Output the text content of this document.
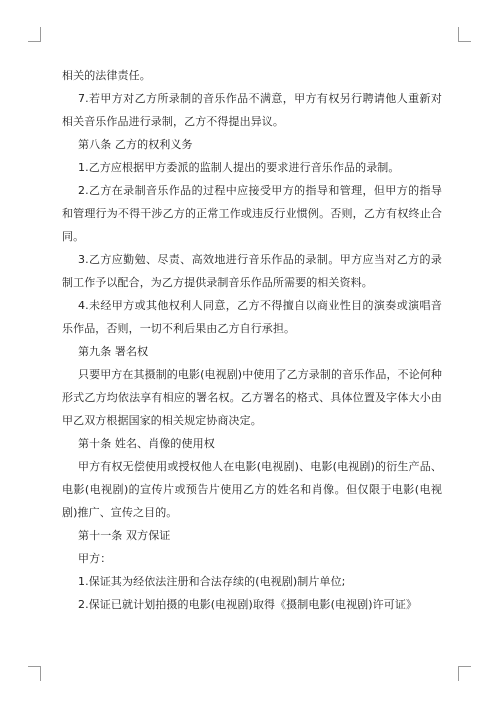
相关的法律责任。

7.若甲方对乙方所录制的音乐作品不满意，甲方有权另行聘请他人重新对相关音乐作品进行录制，乙方不得提出异议。

第八条 乙方的权利义务

1.乙方应根据甲方委派的监制人提出的要求进行音乐作品的录制。

2.乙方在录制音乐作品的过程中应接受甲方的指导和管理，但甲方的指导和管理行为不得干涉乙方的正常工作或违反行业惯例。否则，乙方有权终止合同。

3.乙方应勤勉、尽责、高效地进行音乐作品的录制。甲方应当对乙方的录制工作予以配合，为乙方提供录制音乐作品所需要的相关资料。

4.未经甲方或其他权利人同意，乙方不得擅自以商业性目的演奏或演唱音乐作品，否则，一切不利后果由乙方自行承担。

第九条 署名权

只要甲方在其摄制的电影(电视剧)中使用了乙方录制的音乐作品，不论何种形式乙方均依法享有相应的署名权。乙方署名的格式、具体位置及字体大小由甲乙双方根据国家的相关规定协商决定。

第十条 姓名、肖像的使用权

甲方有权无偿使用或授权他人在电影(电视剧)、电影(电视剧)的衍生产品、电影(电视剧)的宣传片或预告片使用乙方的姓名和肖像。但仅限于电影(电视剧)推广、宣传之目的。

第十一条 双方保证

甲方：

1.保证其为经依法注册和合法存续的(电视剧)制片单位;

2.保证已就计划拍摄的电影(电视剧)取得《摄制电影(电视剧)许可证》
